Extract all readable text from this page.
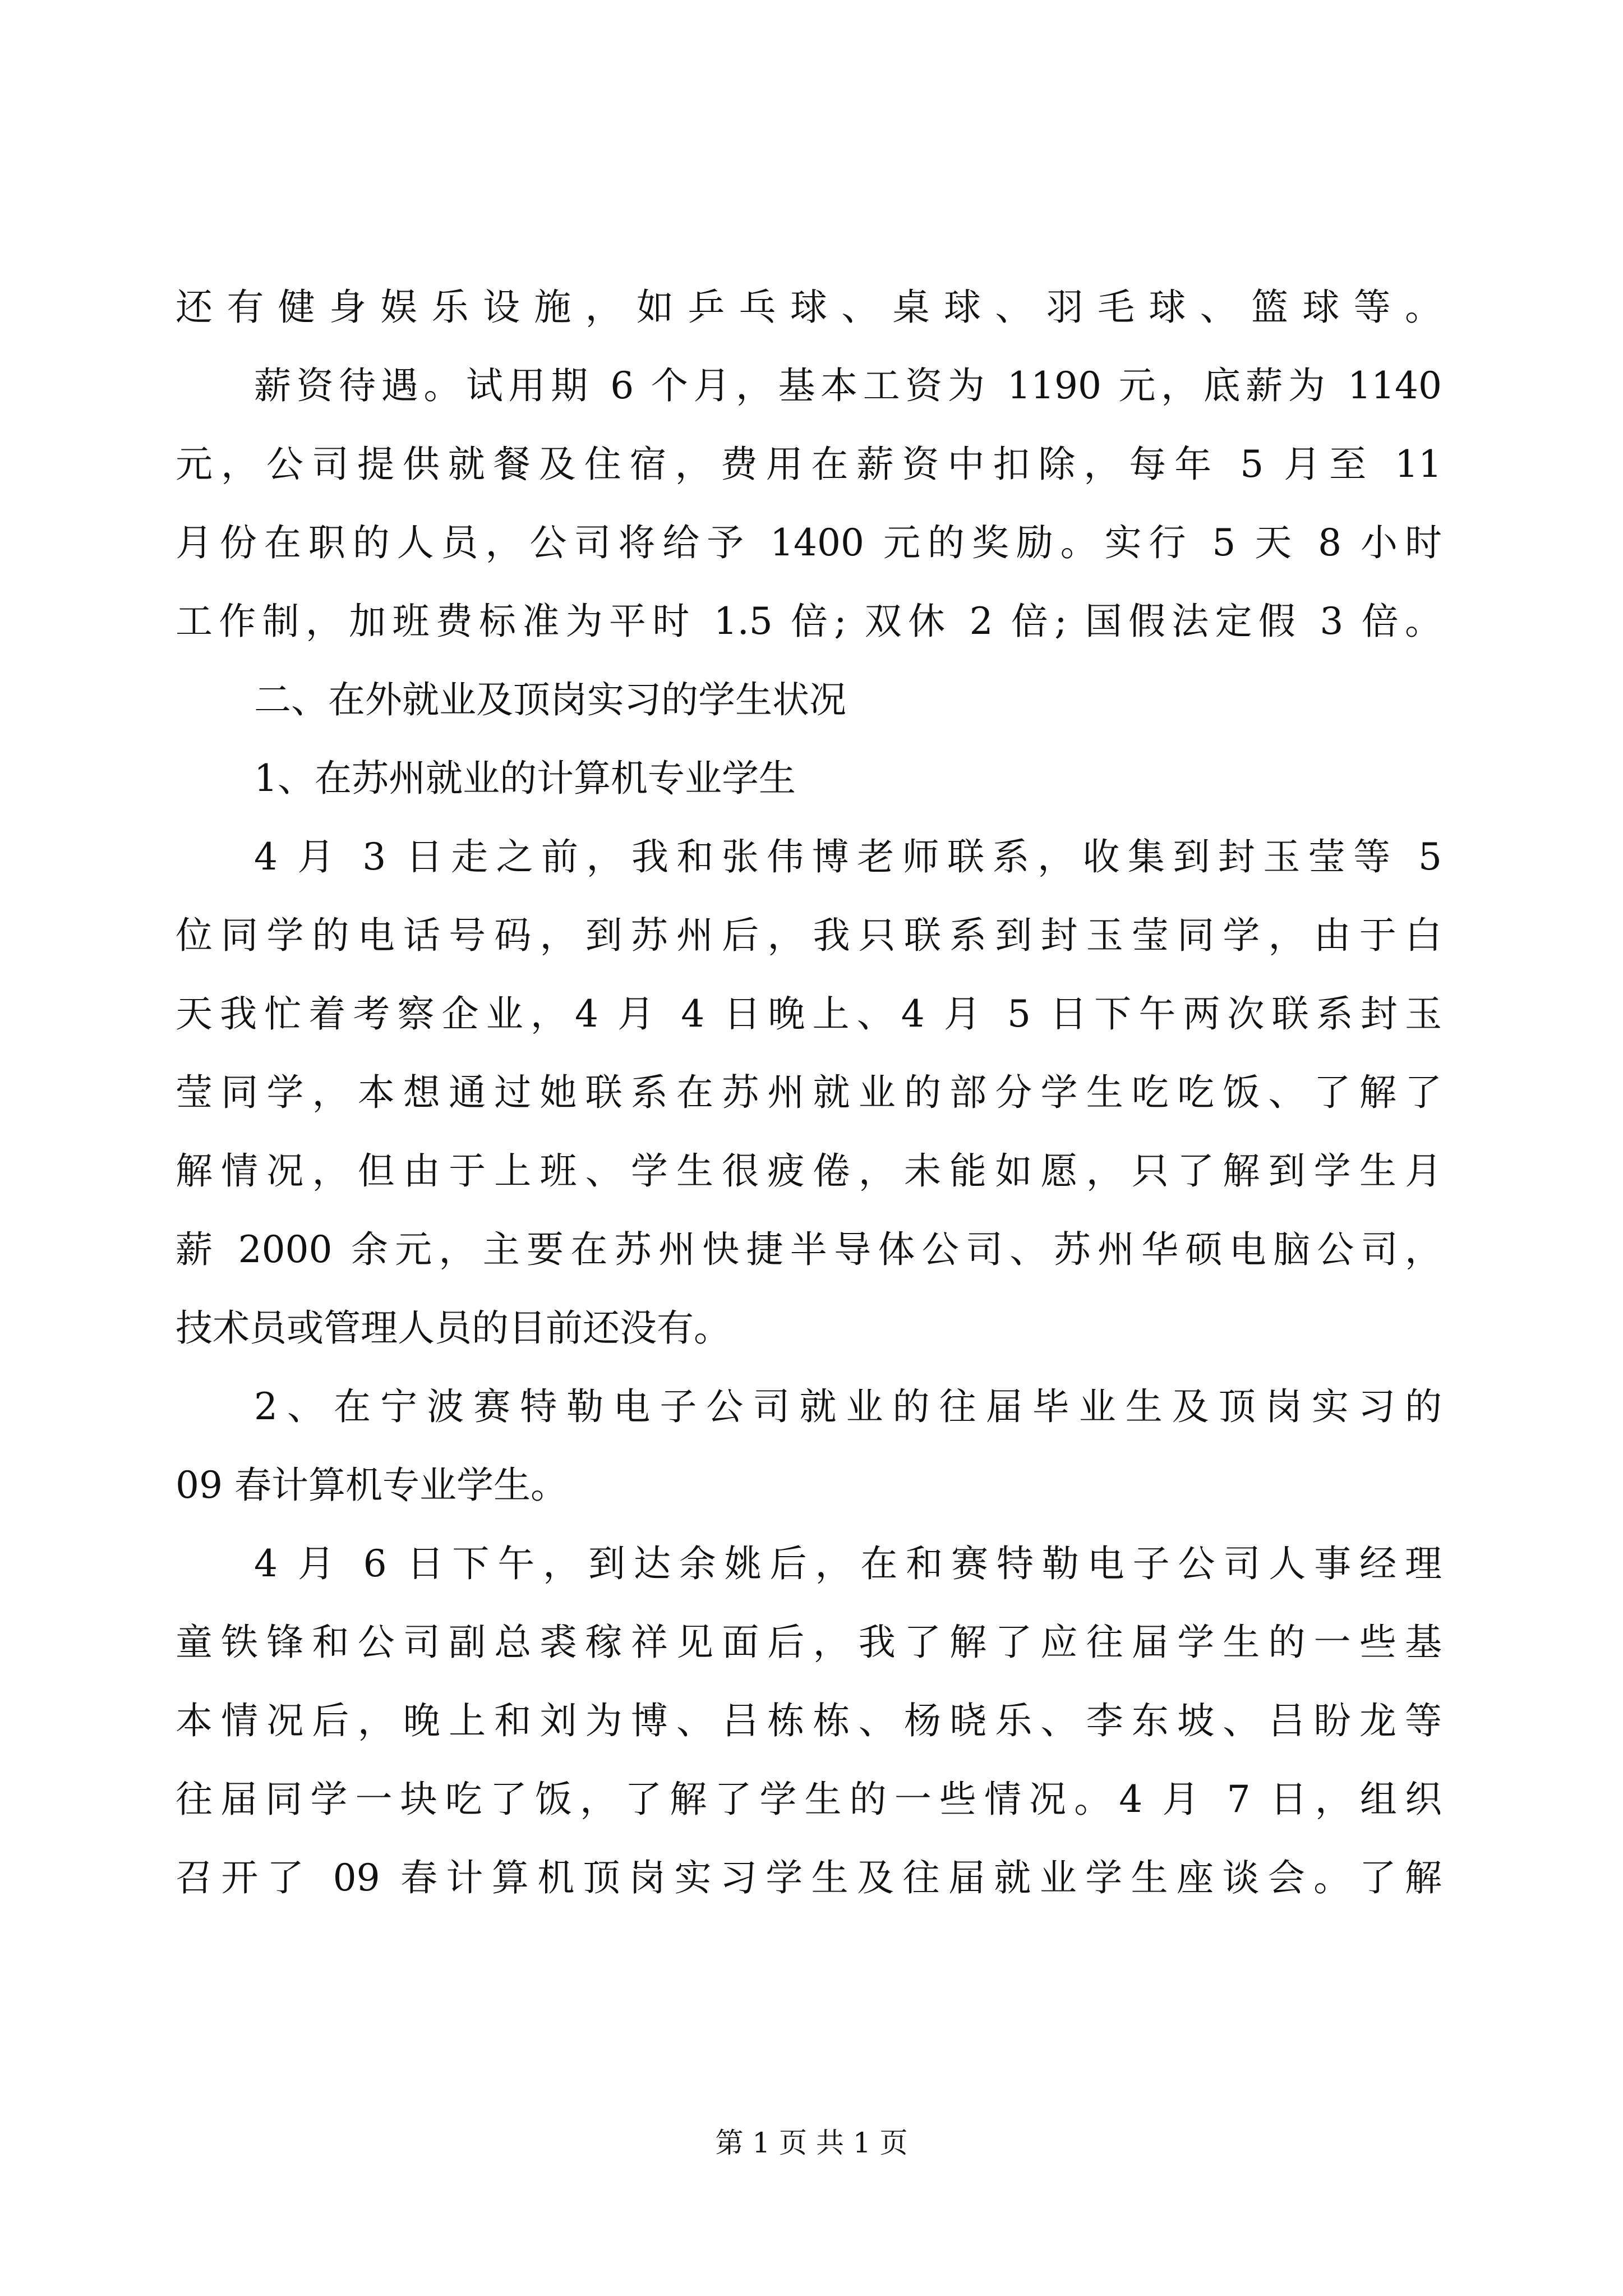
还有健身娱乐设施，如乒乓球、桌球、羽毛球、篮球等。
薪资待遇。试用期 6 个月，基本工资为 1190 元，底薪为 1140
元，公司提供就餐及住宿，费用在薪资中扣除，每年 5 月至 11
月份在职的人员，公司将给予 1400 元的奖励。实行 5 天 8 小时
工作制，加班费标准为平时 1.5 倍; 双休 2 倍; 国假法定假 3 倍。
二、在外就业及顶岗实习的学生状况
1、在苏州就业的计算机专业学生
4 月 3 日走之前，我和张伟博老师联系，收集到封玉莹等 5
位同学的电话号码，到苏州后，我只联系到封玉莹同学，由于白
天我忙着考察企业，4 月 4 日晚上、4 月 5 日下午两次联系封玉
莹同学，本想通过她联系在苏州就业的部分学生吃吃饭、了解了
解情况，但由于上班、学生很疲倦，未能如愿，只了解到学生月
薪 2000 余元，主要在苏州快捷半导体公司、苏州华硕电脑公司，
技术员或管理人员的目前还没有。
2、在宁波赛特勒电子公司就业的往届毕业生及顶岗实习的
09 春计算机专业学生。
4 月 6 日下午，到达余姚后，在和赛特勒电子公司人事经理
童铁锋和公司副总裘稼祥见面后，我了解了应往届学生的一些基
本情况后，晚上和刘为博、吕栋栋、杨晓乐、李东坡、吕盼龙等
往届同学一块吃了饭，了解了学生的一些情况。4 月 7 日，组织
召开了 09 春计算机顶岗实习学生及往届就业学生座谈会。了解
第 1 页 共 1 页
